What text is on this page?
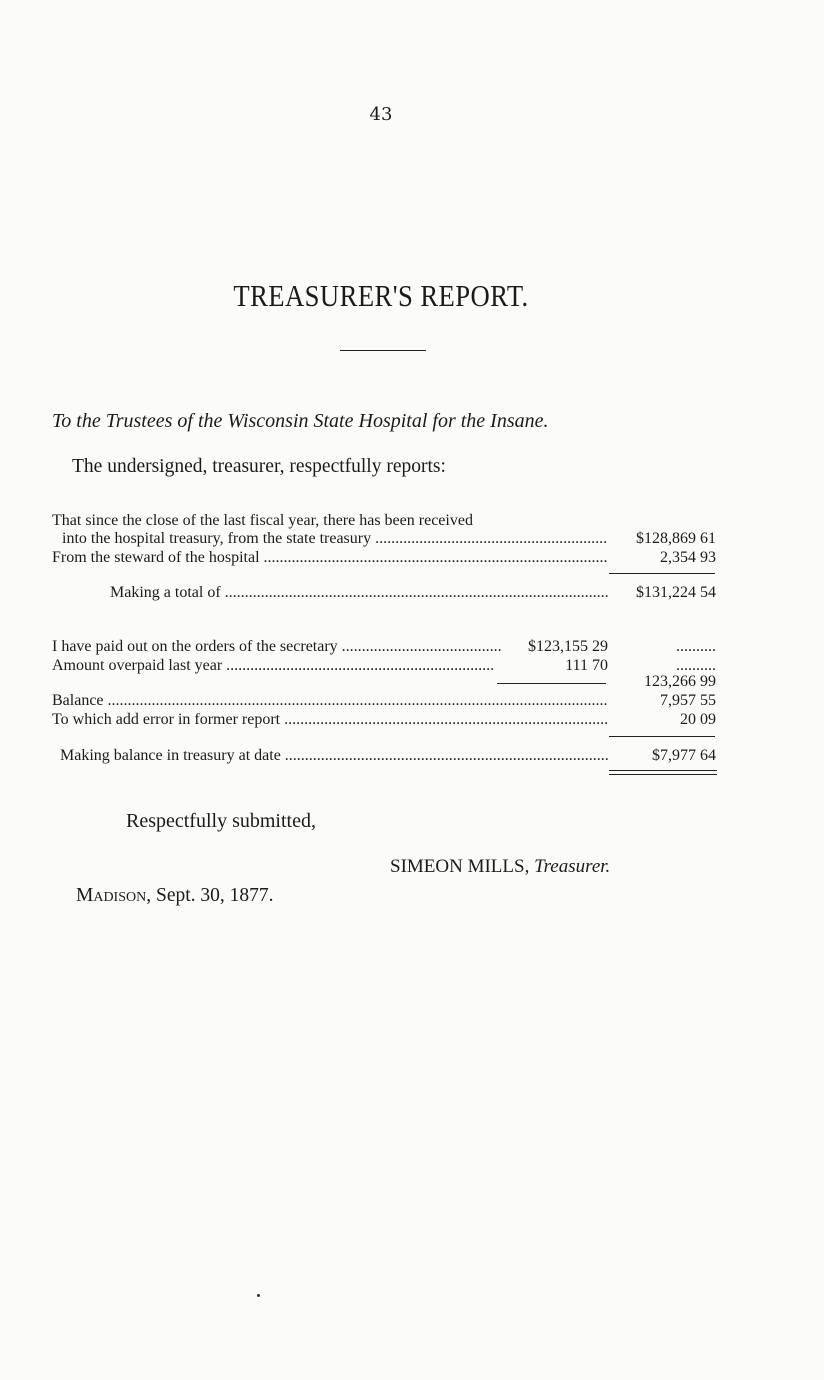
43
TREASURER'S REPORT.
To the Trustees of the Wisconsin State Hospital for the Insane.
The undersigned, treasurer, respectfully reports:
That since the close of the last fiscal year, there has been received
into the hospital treasury, from the state treasury .....	$128,869 61
From the steward of the hospital .....	2,354 93
Making a total of .....	$131,224 54
I have paid out on the orders of the secretary .....	$123,155 29	..........
Amount overpaid last year .....	111 70	..........
123,266 99
Balance .....	7,957 55
To which add error in former report .....	20 09
Making balance in treasury at date .....	$7,977 64
Respectfully submitted,
SIMEON MILLS, Treasurer.
Madison, Sept. 30, 1877.
